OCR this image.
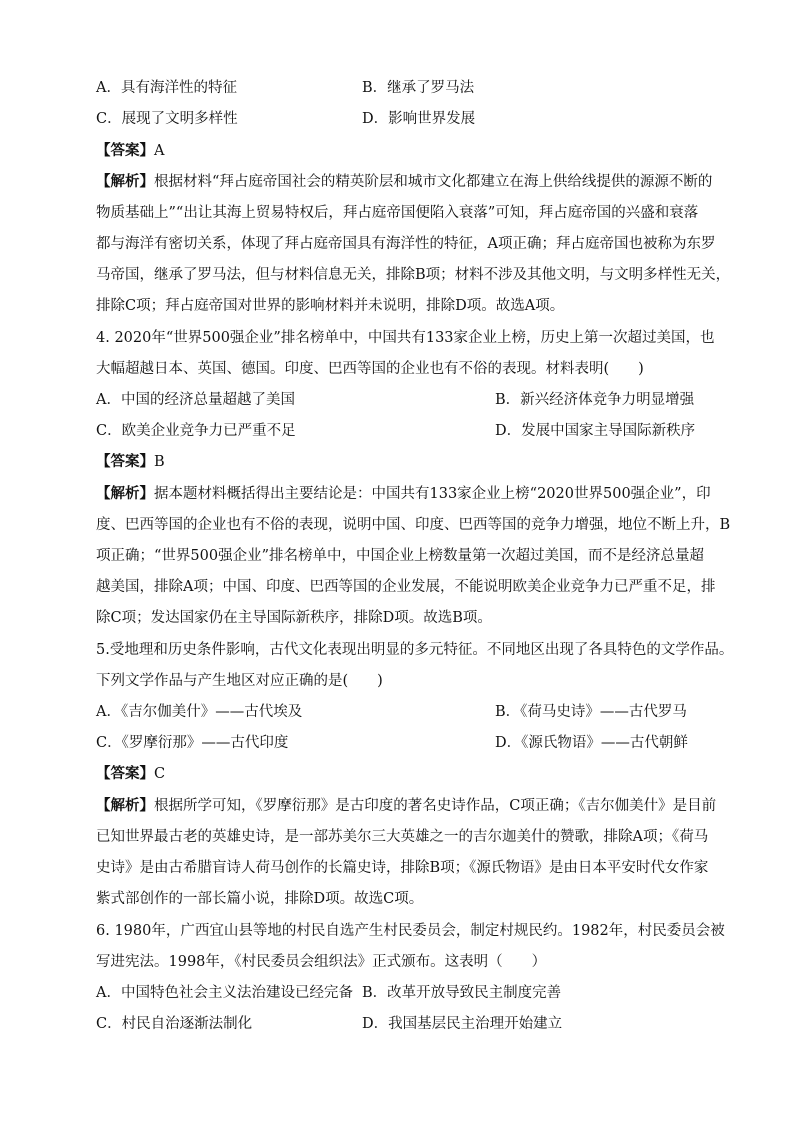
A．具有海洋性的特征	B．继承了罗马法
C．展现了文明多样性	D．影响世界发展
【答案】A
【解析】根据材料“拜占庭帝国社会的精英阶层和城市文化都建立在海上供给线提供的源源不断的
物质基础上”“出让其海上贸易特权后，拜占庭帝国便陷入衰落”可知，拜占庭帝国的兴盛和衰落
都与海洋有密切关系，体现了拜占庭帝国具有海洋性的特征，A项正确；拜占庭帝国也被称为东罗
马帝国，继承了罗马法，但与材料信息无关，排除B项；材料不涉及其他文明，与文明多样性无关，
排除C项；拜占庭帝国对世界的影响材料并未说明，排除D项。故选A项。
4. 2020年“世界500强企业”排名榜单中，中国共有133家企业上榜，历史上第一次超过美国，也
大幅超越日本、英国、德国。印度、巴西等国的企业也有不俗的表现。材料表明(　　)
A．中国的经济总量超越了美国	B．新兴经济体竞争力明显增强
C．欧美企业竞争力已严重不足	D．发展中国家主导国际新秩序
【答案】B
【解析】据本题材料概括得出主要结论是：中国共有133家企业上榜“2020世界500强企业”，印
度、巴西等国的企业也有不俗的表现，说明中国、印度、巴西等国的竞争力增强，地位不断上升，B
项正确；“世界500强企业”排名榜单中，中国企业上榜数量第一次超过美国，而不是经济总量超
越美国，排除A项；中国、印度、巴西等国的企业发展，不能说明欧美企业竞争力已严重不足，排
除C项；发达国家仍在主导国际新秩序，排除D项。故选B项。
5.受地理和历史条件影响，古代文化表现出明显的多元特征。不同地区出现了各具特色的文学作品。
下列文学作品与产生地区对应正确的是(　　)
A．《吉尔伽美什》——古代埃及	B．《荷马史诗》——古代罗马
C．《罗摩衍那》——古代印度	D．《源氏物语》——古代朝鲜
【答案】C
【解析】根据所学可知，《罗摩衍那》是古印度的著名史诗作品，C项正确；《吉尔伽美什》是目前
已知世界最古老的英雄史诗，是一部苏美尔三大英雄之一的吉尔迦美什的赞歌，排除A项；《荷马
史诗》是由古希腊盲诗人荷马创作的长篇史诗，排除B项；《源氏物语》是由日本平安时代女作家
紫式部创作的一部长篇小说，排除D项。故选C项。
6. 1980年，广西宜山县等地的村民自选产生村民委员会，制定村规民约。1982年，村民委员会被
写进宪法。1998年，《村民委员会组织法》正式颁布。这表明（　　）
A．中国特色社会主义法治建设已经完备 B．改革开放导致民主制度完善
C．村民自治逐渐法制化	D．我国基层民主治理开始建立
